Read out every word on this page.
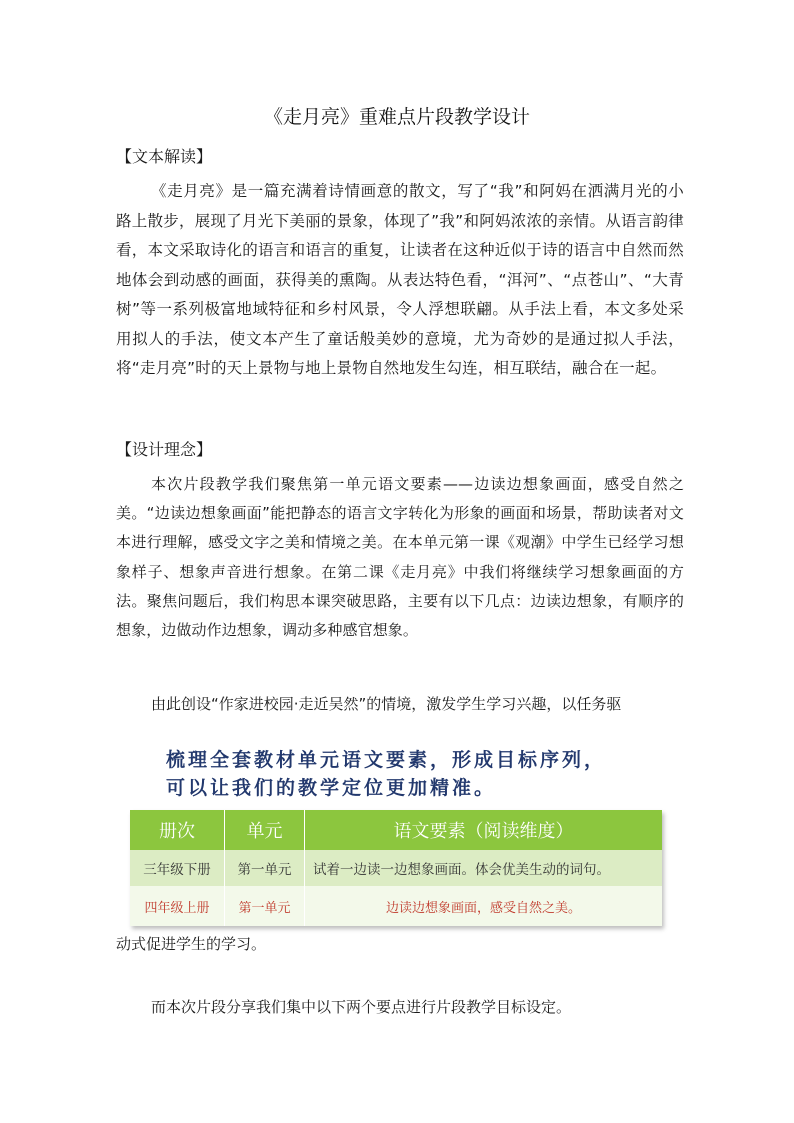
《走月亮》重难点片段教学设计
【文本解读】

《走月亮》是一篇充满着诗情画意的散文，写了“我”和阿妈在洒满月光的小路上散步，展现了月光下美丽的景象，体现了”我”和阿妈浓浓的亲情。从语言韵律看，本文采取诗化的语言和语言的重复，让读者在这种近似于诗的语言中自然而然地体会到动感的画面，获得美的熏陶。从表达特色看，“洱河”、“点苍山”、“大青树”等一系列极富地域特征和乡村风景，令人浮想联翩。从手法上看，本文多处采用拟人的手法，使文本产生了童话般美妙的意境，尤为奇妙的是通过拟人手法，将“走月亮”时的天上景物与地上景物自然地发生勾连，相互联结，融合在一起。

【设计理念】

本次片段教学我们聚焦第一单元语文要素——边读边想象画面，感受自然之美。“边读边想象画面”能把静态的语言文字转化为形象的画面和场景，帮助读者对文本进行理解，感受文字之美和情境之美。在本单元第一课《观潮》中学生已经学习想象样子、想象声音进行想象。在第二课《走月亮》中我们将继续学习想象画面的方法。聚焦问题后，我们构思本课突破思路，主要有以下几点：边读边想象，有顺序的想象，边做动作边想象，调动多种感官想象。

由此创设“作家进校园·走近吴然”的情境，激发学生学习兴趣，以任务驱
梳理全套教材单元语文要素，形成目标序列，
可以让我们的教学定位更加精准。
册次	单元	语文要素（阅读维度）
三年级下册	第一单元	试着一边读一边想象画面。体会优美生动的词句。
四年级上册	第一单元	边读边想象画面，感受自然之美。
动式促进学生的学习。
而本次片段分享我们集中以下两个要点进行片段教学目标设定。
